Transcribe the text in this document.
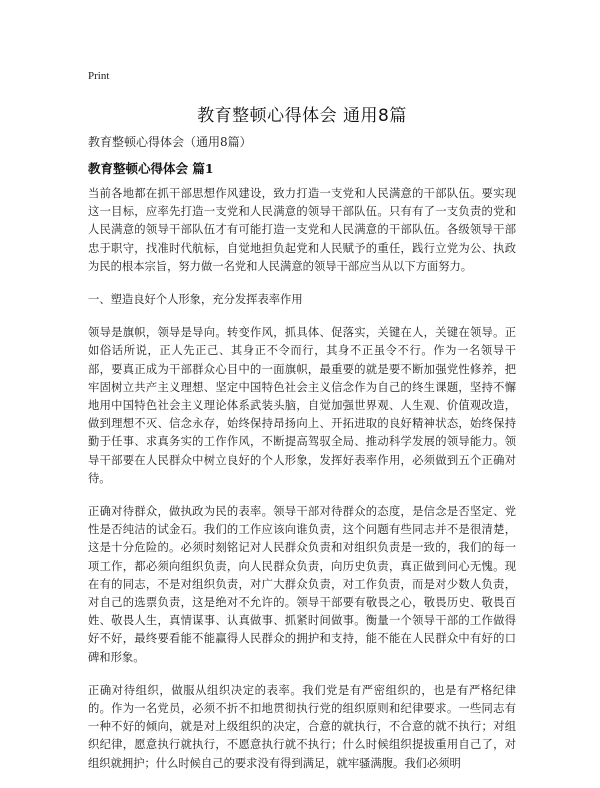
Print
教育整顿心得体会 通用8篇
教育整顿心得体会（通用8篇）
教育整顿心得体会 篇1

当前各地都在抓干部思想作风建设，致力打造一支党和人民满意的干部队伍。要实现这一目标，应率先打造一支党和人民满意的领导干部队伍。只有有了一支负责的党和人民满意的领导干部队伍才有可能打造一支党和人民满意的干部队伍。各级领导干部忠于职守，找准时代航标，自觉地担负起党和人民赋予的重任，践行立党为公、执政为民的根本宗旨，努力做一名党和人民满意的领导干部应当从以下方面努力。

一、塑造良好个人形象，充分发挥表率作用

领导是旗帜，领导是导向。转变作风，抓具体、促落实，关键在人，关键在领导。正如俗话所说，正人先正己、其身正不令而行，其身不正虽令不行。作为一名领导干部，要真正成为干部群众心目中的一面旗帜，最重要的就是要不断加强党性修养，把牢固树立共产主义理想、坚定中国特色社会主义信念作为自己的终生课题，坚持不懈地用中国特色社会主义理论体系武装头脑，自觉加强世界观、人生观、价值观改造，做到理想不灭、信念永存，始终保持昂扬向上、开拓进取的良好精神状态，始终保持勤于任事、求真务实的工作作风，不断提高驾驭全局、推动科学发展的领导能力。领导干部要在人民群众中树立良好的个人形象，发挥好表率作用，必须做到五个正确对待。

正确对待群众，做执政为民的表率。领导干部对待群众的态度，是信念是否坚定、党性是否纯洁的试金石。我们的工作应该向谁负责，这个问题有些同志并不是很清楚，这是十分危险的。必须时刻铭记对人民群众负责和对组织负责是一致的，我们的每一项工作，都必须向组织负责，向人民群众负责，向历史负责，真正做到问心无愧。现在有的同志，不是对组织负责，对广大群众负责，对工作负责，而是对少数人负责，对自己的选票负责，这是绝对不允许的。领导干部要有敬畏之心，敬畏历史、敬畏百姓、敬畏人生，真情谋事、认真做事、抓紧时间做事。衡量一个领导干部的工作做得好不好，最终要看能不能赢得人民群众的拥护和支持，能不能在人民群众中有好的口碑和形象。

正确对待组织，做服从组织决定的表率。我们党是有严密组织的，也是有严格纪律的。作为一名党员，必须不折不扣地贯彻执行党的组织原则和纪律要求。一些同志有一种不好的倾向，就是对上级组织的决定，合意的就执行，不合意的就不执行；对组织纪律，愿意执行就执行，不愿意执行就不执行；什么时候组织提拔重用自己了，对组织就拥护；什么时候自己的要求没有得到满足，就牢骚满腹。我们必须明
